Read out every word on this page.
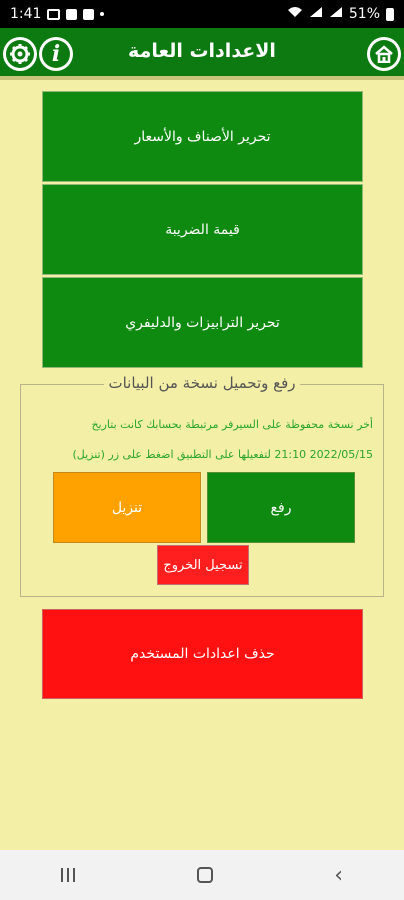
1:41	51%
i	الاعدادات العامة
تحرير الأصناف والأسعار
قيمة الضريبة
تحرير الترابيزات والدليفري
رفع وتحميل نسخة من البيانات
أخر نسخة محفوظة على السيرفر مرتبطة بحسابك كانت بتاريخ
2022/05/15 21:10 لتفعيلها على التطبيق اضغط على زر (تنزيل)
رفع
تنزيل
تسجيل الخروج
حذف اعدادات المستخدم
‹
